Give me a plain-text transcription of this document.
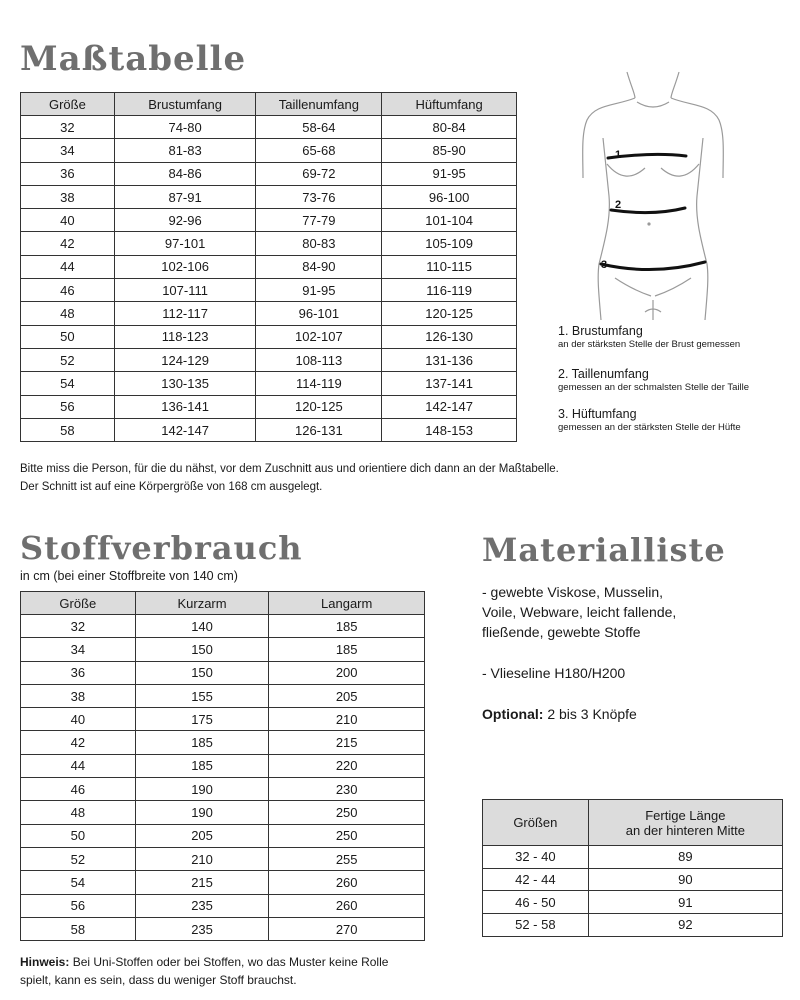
Maßtabelle
Größe	Brustumfang	Taillenumfang	Hüftumfang
32	74-80	58-64	80-84
34	81-83	65-68	85-90
36	84-86	69-72	91-95
38	87-91	73-76	96-100
40	92-96	77-79	101-104
42	97-101	80-83	105-109
44	102-106	84-90	110-115
46	107-111	91-95	116-119
48	112-117	96-101	120-125
50	118-123	102-107	126-130
52	124-129	108-113	131-136
54	130-135	114-119	137-141
56	136-141	120-125	142-147
58	142-147	126-131	148-153

Bitte miss die Person, für die du nähst, vor dem Zuschnitt aus und orientiere dich dann an der Maßtabelle.

Der Schnitt ist auf eine Körpergröße von 168 cm ausgelegt.

1
2
3
1. Brustumfang
an der stärksten Stelle der Brust gemessen
2. Taillenumfang
gemessen an der schmalsten Stelle der Taille
3. Hüftumfang
gemessen an der stärksten Stelle der Hüfte
Stoffverbrauch

in cm (bei einer Stoffbreite von 140 cm)

Größe	Kurzarm	Langarm
32	140	185
34	150	185
36	150	200
38	155	205
40	175	210
42	185	215
44	185	220
46	190	230
48	190	250
50	205	250
52	210	255
54	215	260
56	235	260
58	235	270

Hinweis: Bei Uni-Stoffen oder bei Stoffen, wo das Muster keine Rolle

spielt, kann es sein, dass du weniger Stoff brauchst.

Materialliste

- gewebte Viskose, Musselin,

Voile, Webware, leicht fallende,

fließende, gewebte Stoffe

- Vlieseline H180/H200

Optional: 2 bis 3 Knöpfe

Größen	Fertige Länge
an der hinteren Mitte
32 - 40	89
42 - 44	90
46 - 50	91
52 - 58	92
